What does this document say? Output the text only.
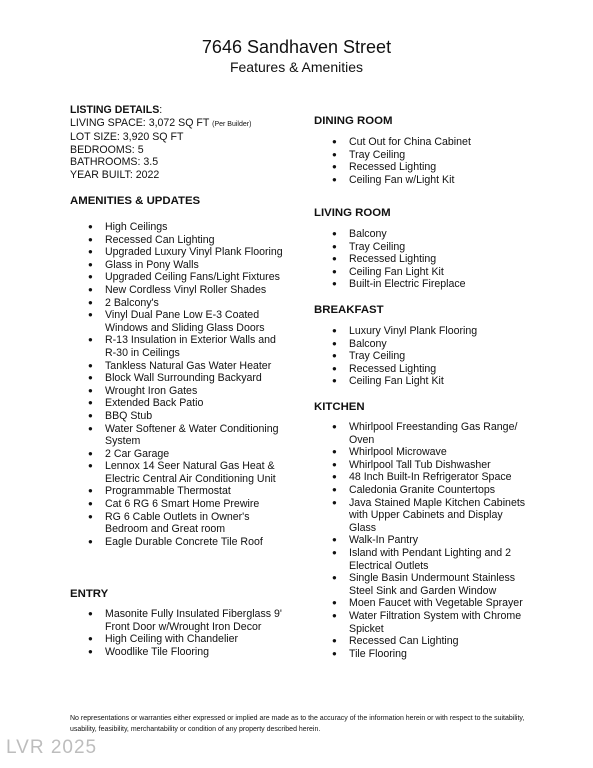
7646 Sandhaven Street
Features & Amenities
LISTING DETAILS:
LIVING SPACE: 3,072 SQ FT (Per Builder)
LOT SIZE: 3,920 SQ FT
BEDROOMS: 5
BATHROOMS: 3.5
YEAR BUILT: 2022
AMENITIES & UPDATES
● High Ceilings
● Recessed Can Lighting
● Upgraded Luxury Vinyl Plank Flooring
● Glass in Pony Walls
● Upgraded Ceiling Fans/Light Fixtures
● New Cordless Vinyl Roller Shades
● 2 Balcony's
● Vinyl Dual Pane Low E-3 Coated Windows and Sliding Glass Doors
● R-13 Insulation in Exterior Walls and R-30 in Ceilings
● Tankless Natural Gas Water Heater
● Block Wall Surrounding Backyard
● Wrought Iron Gates
● Extended Back Patio
● BBQ Stub
● Water Softener & Water Conditioning System
● 2 Car Garage
● Lennox 14 Seer Natural Gas Heat & Electric Central Air Conditioning Unit
● Programmable Thermostat
● Cat 6 RG 6 Smart Home Prewire
● RG 6 Cable Outlets in Owner's Bedroom and Great room
● Eagle Durable Concrete Tile Roof
ENTRY
● Masonite Fully Insulated Fiberglass 9' Front Door w/Wrought Iron Decor
● High Ceiling with Chandelier
● Woodlike Tile Flooring
DINING ROOM
● Cut Out for China Cabinet
● Tray Ceiling
● Recessed Lighting
● Ceiling Fan w/Light Kit
LIVING ROOM
● Balcony
● Tray Ceiling
● Recessed Lighting
● Ceiling Fan Light Kit
● Built-in Electric Fireplace
BREAKFAST
● Luxury Vinyl Plank Flooring
● Balcony
● Tray Ceiling
● Recessed Lighting
● Ceiling Fan Light Kit
KITCHEN
● Whirlpool Freestanding Gas Range/ Oven
● Whirlpool Microwave
● Whirlpool Tall Tub Dishwasher
● 48 Inch Built-In Refrigerator Space
● Caledonia Granite Countertops
● Java Stained Maple Kitchen Cabinets with Upper Cabinets and Display Glass
● Walk-In Pantry
● Island with Pendant Lighting and 2 Electrical Outlets
● Single Basin Undermount Stainless Steel Sink and Garden Window
● Moen Faucet with Vegetable Sprayer
● Water Filtration System with Chrome Spicket
● Recessed Can Lighting
● Tile Flooring
No representations or warranties either expressed or implied are made as to the accuracy of the information herein or with respect to the suitability, usability, feasibility, merchantability or condition of any property described herein.
LVR 2025
